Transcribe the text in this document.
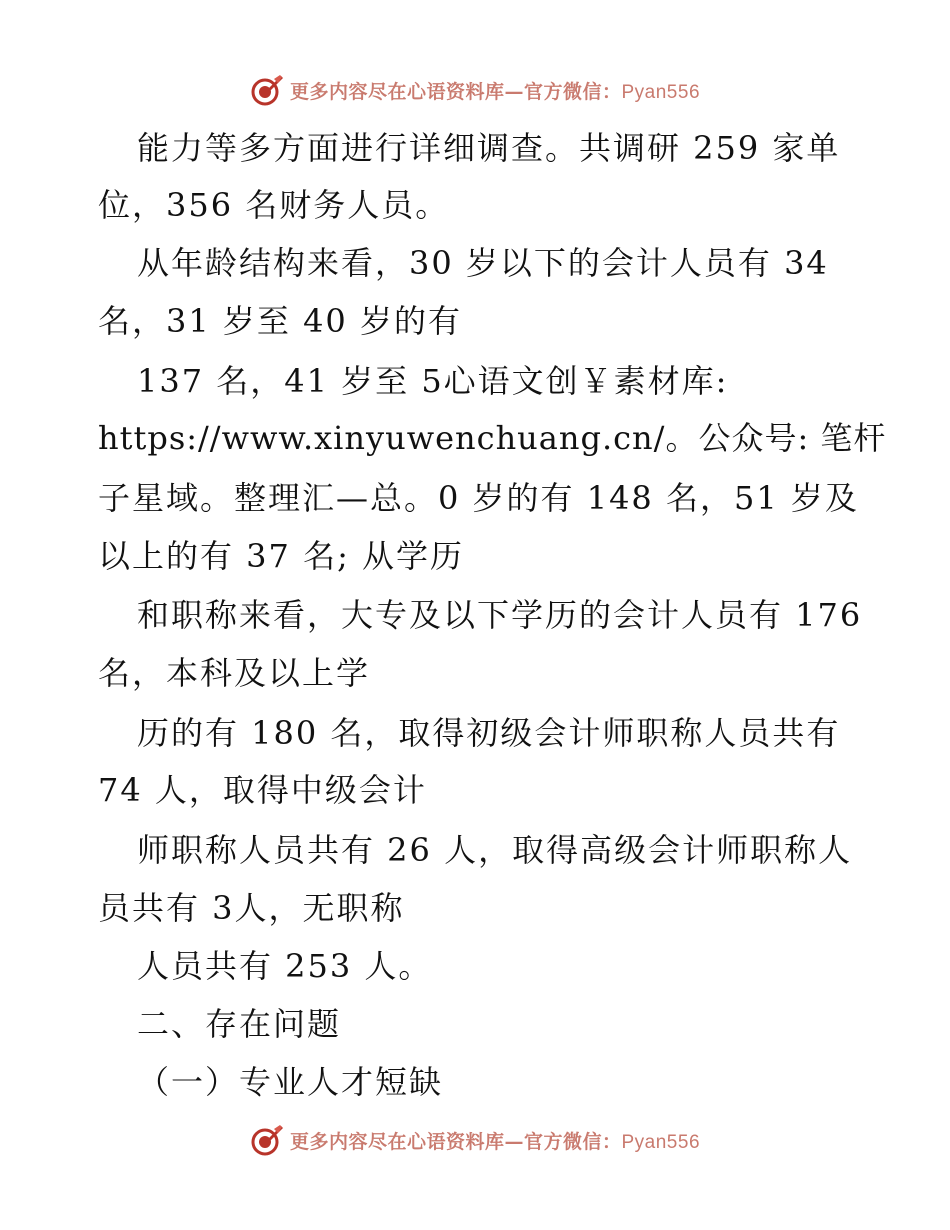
更多内容尽在心语资料库—官方微信：Pyan556
能力等多方面进行详细调查。共调研 259 家单
位，356 名财务人员。
从年龄结构来看，30 岁以下的会计人员有 34
名，31 岁至 40 岁的有
137 名，41 岁至 5心语文创￥素材库:
https://www.xinyuwenchuang.cn/。公众号: 笔杆
子星域。整理汇—总。0 岁的有 148 名，51 岁及
以上的有 37 名; 从学历
和职称来看，大专及以下学历的会计人员有 176
名，本科及以上学
历的有 180 名，取得初级会计师职称人员共有
74 人，取得中级会计
师职称人员共有 26 人，取得高级会计师职称人
员共有 3人，无职称
人员共有 253 人。
二、存在问题
（一）专业人才短缺
更多内容尽在心语资料库—官方微信：Pyan556
